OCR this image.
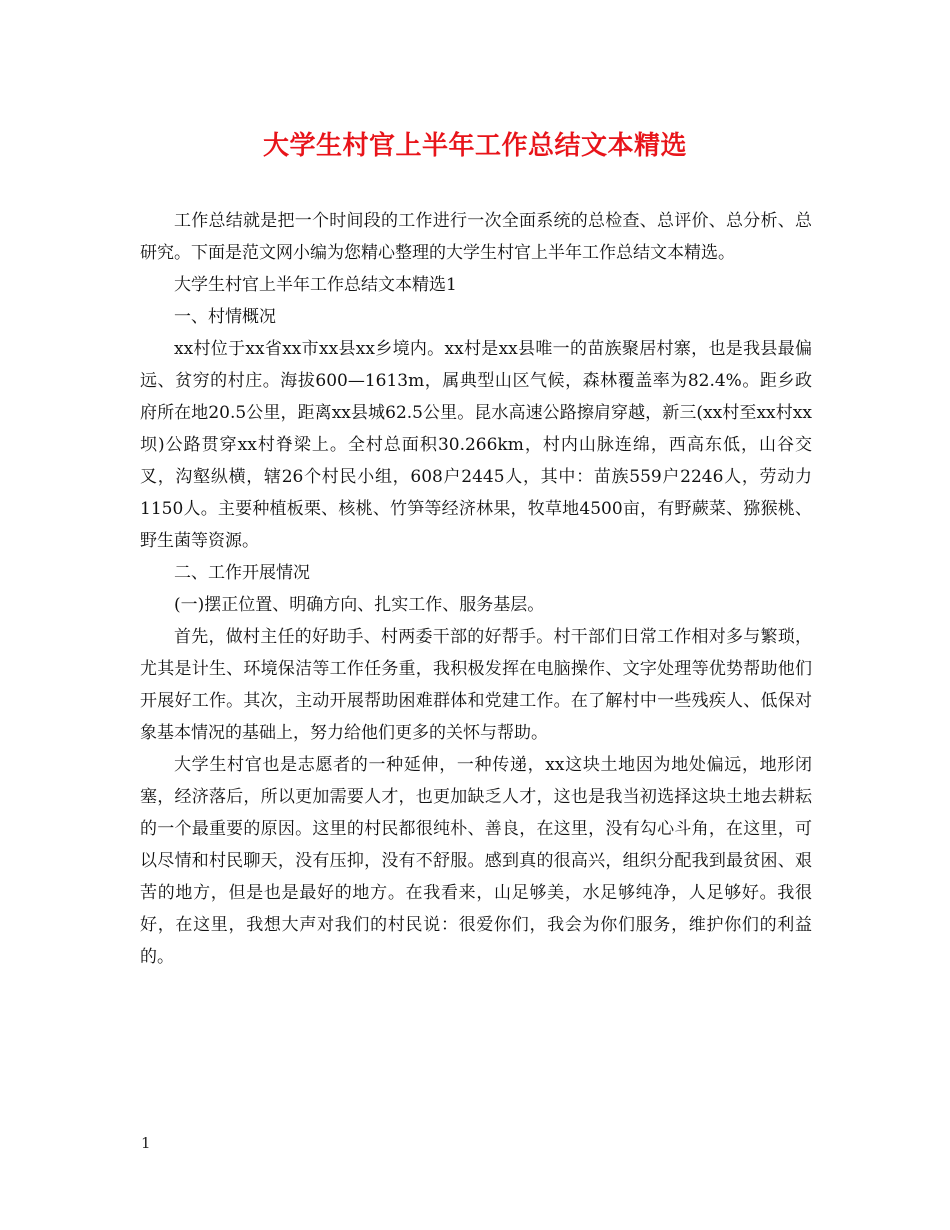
大学生村官上半年工作总结文本精选

工作总结就是把一个时间段的工作进行一次全面系统的总检查、总评价、总分析、总研究。下面是范文网小编为您精心整理的大学生村官上半年工作总结文本精选。

大学生村官上半年工作总结文本精选1

一、村情概况

xx村位于xx省xx市xx县xx乡境内。xx村是xx县唯一的苗族聚居村寨，也是我县最偏远、贫穷的村庄。海拔600—1613m，属典型山区气候，森林覆盖率为82.4%。距乡政府所在地20.5公里，距离xx县城62.5公里。昆水高速公路擦肩穿越，新三(xx村至xx村xx坝)公路贯穿xx村脊梁上。全村总面积30.266km，村内山脉连绵，西高东低，山谷交叉，沟壑纵横，辖26个村民小组，608户2445人，其中：苗族559户2246人，劳动力1150人。主要种植板栗、核桃、竹笋等经济林果，牧草地4500亩，有野蕨菜、猕猴桃、野生菌等资源。

二、工作开展情况

(一)摆正位置、明确方向、扎实工作、服务基层。

首先，做村主任的好助手、村两委干部的好帮手。村干部们日常工作相对多与繁琐，尤其是计生、环境保洁等工作任务重，我积极发挥在电脑操作、文字处理等优势帮助他们开展好工作。其次，主动开展帮助困难群体和党建工作。在了解村中一些残疾人、低保对象基本情况的基础上，努力给他们更多的关怀与帮助。

大学生村官也是志愿者的一种延伸，一种传递，xx这块土地因为地处偏远，地形闭塞，经济落后，所以更加需要人才，也更加缺乏人才，这也是我当初选择这块土地去耕耘的一个最重要的原因。这里的村民都很纯朴、善良，在这里，没有勾心斗角，在这里，可以尽情和村民聊天，没有压抑，没有不舒服。感到真的很高兴，组织分配我到最贫困、艰苦的地方，但是也是最好的地方。在我看来，山足够美，水足够纯净，人足够好。我很好，在这里，我想大声对我们的村民说：很爱你们，我会为你们服务，维护你们的利益的。

1
